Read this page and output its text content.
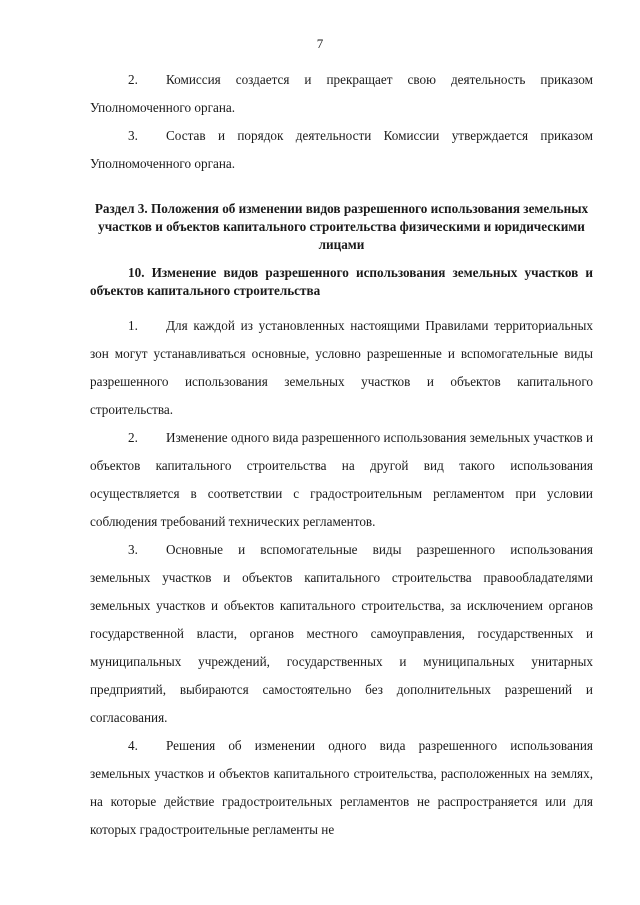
7

2. Комиссия создается и прекращает свою деятельность приказом Уполномоченного органа.

3. Состав и порядок деятельности Комиссии утверждается приказом Уполномоченного органа.

Раздел 3. Положения об изменении видов разрешенного использования земельных участков и объектов капитального строительства физическими и юридическими лицами
10. Изменение видов разрешенного использования земельных участков и объектов капитального строительства

1. Для каждой из установленных настоящими Правилами территориальных зон могут устанавливаться основные, условно разрешенные и вспомогательные виды разрешенного использования земельных участков и объектов капитального строительства.

2. Изменение одного вида разрешенного использования земельных участков и объектов капитального строительства на другой вид такого использования осуществляется в соответствии с градостроительным регламентом при условии соблюдения требований технических регламентов.

3. Основные и вспомогательные виды разрешенного использования земельных участков и объектов капитального строительства правообладателями земельных участков и объектов капитального строительства, за исключением органов государственной власти, органов местного самоуправления, государственных и муниципальных учреждений, государственных и муниципальных унитарных предприятий, выбираются самостоятельно без дополнительных разрешений и согласования.

4. Решения об изменении одного вида разрешенного использования земельных участков и объектов капитального строительства, расположенных на землях, на которые действие градостроительных регламентов не распространяется или для которых градостроительные регламенты не
